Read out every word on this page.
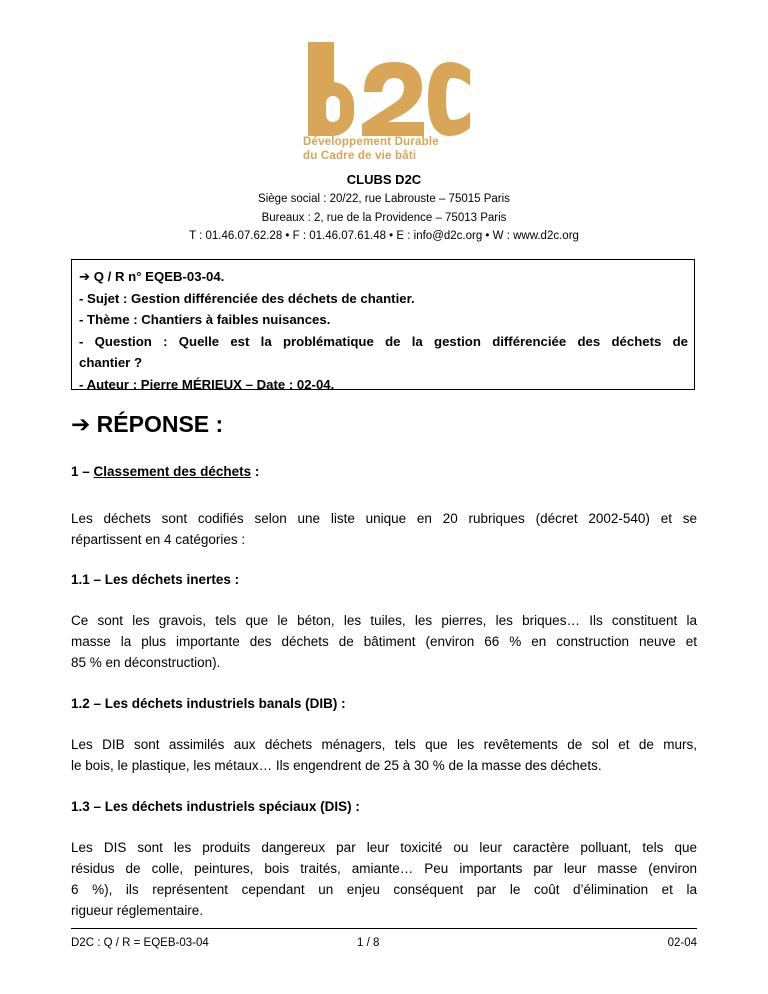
Développement Durable
du Cadre de vie bâti
CLUBS D2C
Siège social : 20/22, rue Labrouste – 75015 Paris
Bureaux : 2, rue de la Providence – 75013 Paris
T : 01.46.07.62.28 • F : 01.46.07.61.48 • E : info@d2c.org • W : www.d2c.org
➔ Q / R n° EQEB-03-04.
- Sujet : Gestion différenciée des déchets de chantier.
- Thème : Chantiers à faibles nuisances.
- Question : Quelle est la problématique de la gestion différenciée des déchets de
chantier ?
- Auteur : Pierre MÉRIEUX – Date : 02-04.
➔ RÉPONSE :
1 – Classement des déchets :
Les déchets sont codifiés selon une liste unique en 20 rubriques (décret 2002-540) et se
répartissent en 4 catégories :
1.1 – Les déchets inertes :
Ce sont les gravois, tels que le béton, les tuiles, les pierres, les briques… Ils constituent la
masse la plus importante des déchets de bâtiment (environ 66 % en construction neuve et
85 % en déconstruction).
1.2 – Les déchets industriels banals (DIB) :
Les DIB sont assimilés aux déchets ménagers, tels que les revêtements de sol et de murs,
le bois, le plastique, les métaux… Ils engendrent de 25 à 30 % de la masse des déchets.
1.3 – Les déchets industriels spéciaux (DIS) :
Les DIS sont les produits dangereux par leur toxicité ou leur caractère polluant, tels que
résidus de colle, peintures, bois traités, amiante… Peu importants par leur masse (environ
6 %), ils représentent cependant un enjeu conséquent par le coût d’élimination et la
rigueur réglementaire.
D2C : Q / R = EQEB-03-04	1 / 8	02-04
